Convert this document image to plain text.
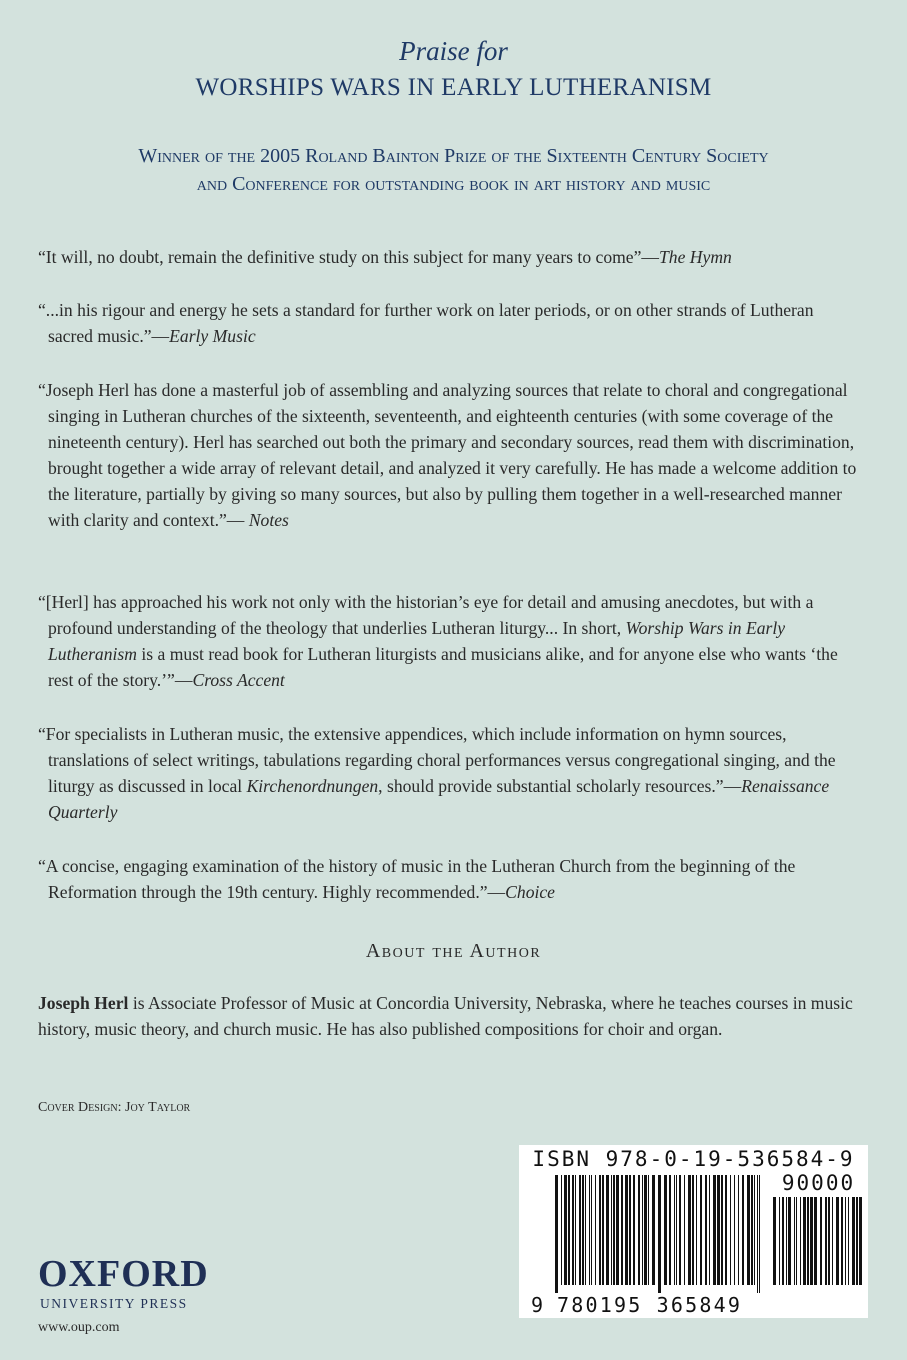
Praise for
WORSHIPS WARS IN EARLY LUTHERANISM
Winner of the 2005 Roland Bainton Prize of the Sixteenth Century Society
and Conference for outstanding book in art history and music

“It will, no doubt, remain the definitive study on this subject for many years to come”—The Hymn

“...in his rigour and energy he sets a standard for further work on later periods, or on other strands of Lutheran sacred music.”—Early Music

“Joseph Herl has done a masterful job of assembling and analyzing sources that relate to choral and congregational singing in Lutheran churches of the sixteenth, seventeenth, and eighteenth centuries (with some coverage of the nineteenth century). Herl has searched out both the primary and secondary sources, read them with discrimination, brought together a wide array of relevant detail, and analyzed it very carefully. He has made a welcome addition to the literature, partially by giving so many sources, but also by pulling them together in a well-researched manner with clarity and context.”— Notes

“[Herl] has approached his work not only with the historian’s eye for detail and amusing anecdotes, but with a profound understanding of the theology that underlies Lutheran liturgy... In short, Worship Wars in Early Lutheranism is a must read book for Lutheran liturgists and musicians alike, and for anyone else who wants ‘the rest of the story.’”—Cross Accent

“For specialists in Lutheran music, the extensive appendices, which include information on hymn sources, translations of select writings, tabulations regarding choral performances versus congregational singing, and the liturgy as discussed in local Kirchenordnungen, should provide substantial scholarly resources.”—Renaissance Quarterly

“A concise, engaging examination of the history of music in the Lutheran Church from the beginning of the Reformation through the 19th century. Highly recommended.”—Choice

About the Author

Joseph Herl is Associate Professor of Music at Concordia University, Nebraska, where he teaches courses in music history, music theory, and church music. He has also published compositions for choir and organ.

Cover Design: Joy Taylor
ISBN 978-0-19-536584-9
90000
9 780195 365849
OXFORD
UNIVERSITY PRESS
www.oup.com
